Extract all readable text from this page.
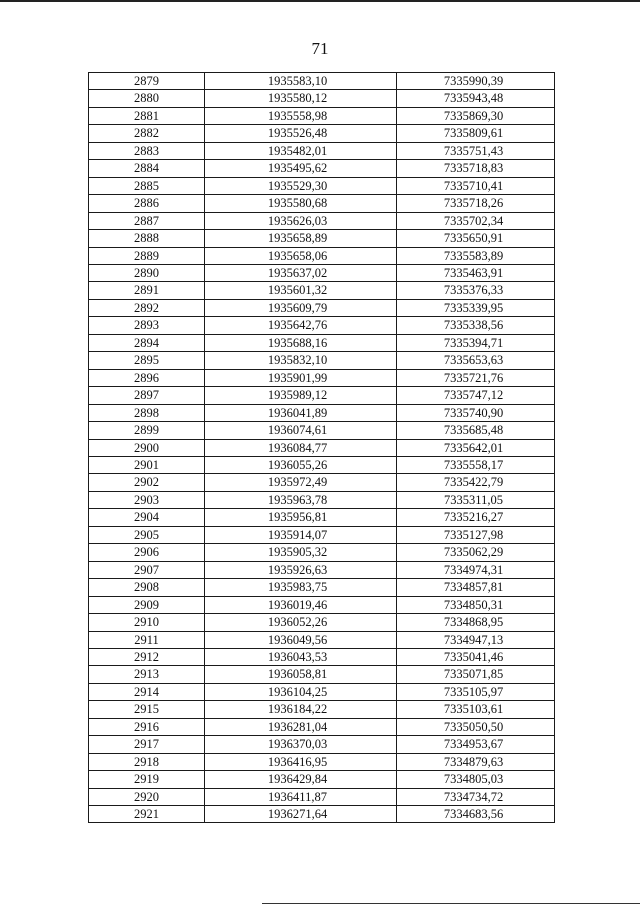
71
2879	1935583,10	7335990,39
2880	1935580,12	7335943,48
2881	1935558,98	7335869,30
2882	1935526,48	7335809,61
2883	1935482,01	7335751,43
2884	1935495,62	7335718,83
2885	1935529,30	7335710,41
2886	1935580,68	7335718,26
2887	1935626,03	7335702,34
2888	1935658,89	7335650,91
2889	1935658,06	7335583,89
2890	1935637,02	7335463,91
2891	1935601,32	7335376,33
2892	1935609,79	7335339,95
2893	1935642,76	7335338,56
2894	1935688,16	7335394,71
2895	1935832,10	7335653,63
2896	1935901,99	7335721,76
2897	1935989,12	7335747,12
2898	1936041,89	7335740,90
2899	1936074,61	7335685,48
2900	1936084,77	7335642,01
2901	1936055,26	7335558,17
2902	1935972,49	7335422,79
2903	1935963,78	7335311,05
2904	1935956,81	7335216,27
2905	1935914,07	7335127,98
2906	1935905,32	7335062,29
2907	1935926,63	7334974,31
2908	1935983,75	7334857,81
2909	1936019,46	7334850,31
2910	1936052,26	7334868,95
2911	1936049,56	7334947,13
2912	1936043,53	7335041,46
2913	1936058,81	7335071,85
2914	1936104,25	7335105,97
2915	1936184,22	7335103,61
2916	1936281,04	7335050,50
2917	1936370,03	7334953,67
2918	1936416,95	7334879,63
2919	1936429,84	7334805,03
2920	1936411,87	7334734,72
2921	1936271,64	7334683,56
